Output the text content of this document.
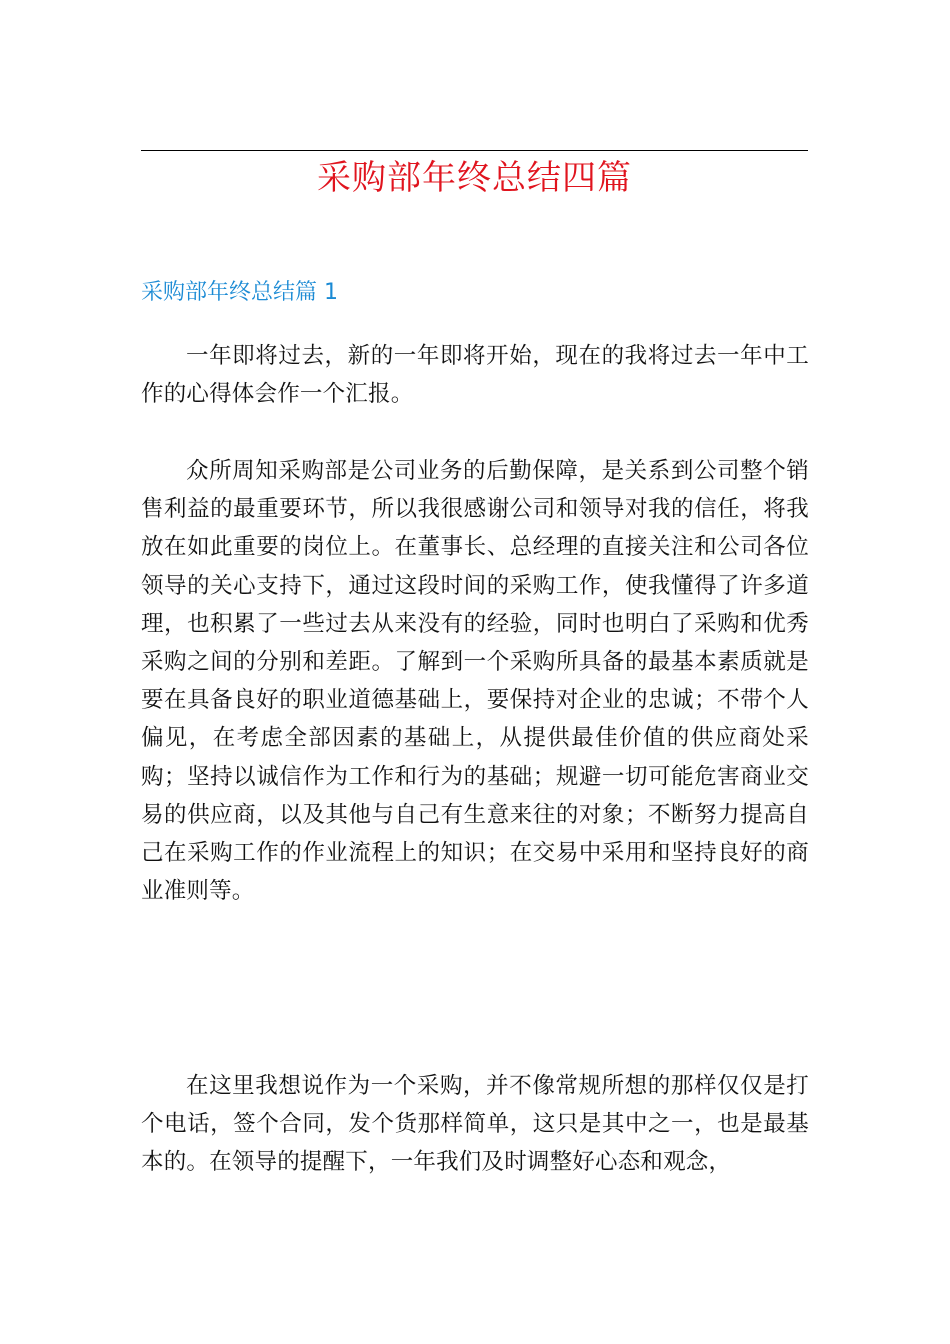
采购部年终总结四篇
采购部年终总结篇 1

一年即将过去，新的一年即将开始，现在的我将过去一年中工作的心得体会作一个汇报。

众所周知采购部是公司业务的后勤保障，是关系到公司整个销售利益的最重要环节，所以我很感谢公司和领导对我的信任，将我放在如此重要的岗位上。在董事长、总经理的直接关注和公司各位领导的关心支持下，通过这段时间的采购工作，使我懂得了许多道理，也积累了一些过去从来没有的经验，同时也明白了采购和优秀采购之间的分别和差距。了解到一个采购所具备的最基本素质就是要在具备良好的职业道德基础上，要保持对企业的忠诚；不带个人偏见，在考虑全部因素的基础上，从提供最佳价值的供应商处采购；坚持以诚信作为工作和行为的基础；规避一切可能危害商业交易的供应商，以及其他与自己有生意来往的对象；不断努力提高自己在采购工作的作业流程上的知识；在交易中采用和坚持良好的商业准则等。

在这里我想说作为一个采购，并不像常规所想的那样仅仅是打个电话，签个合同，发个货那样简单，这只是其中之一，也是最基本的。在领导的提醒下，一年我们及时调整好心态和观念，
